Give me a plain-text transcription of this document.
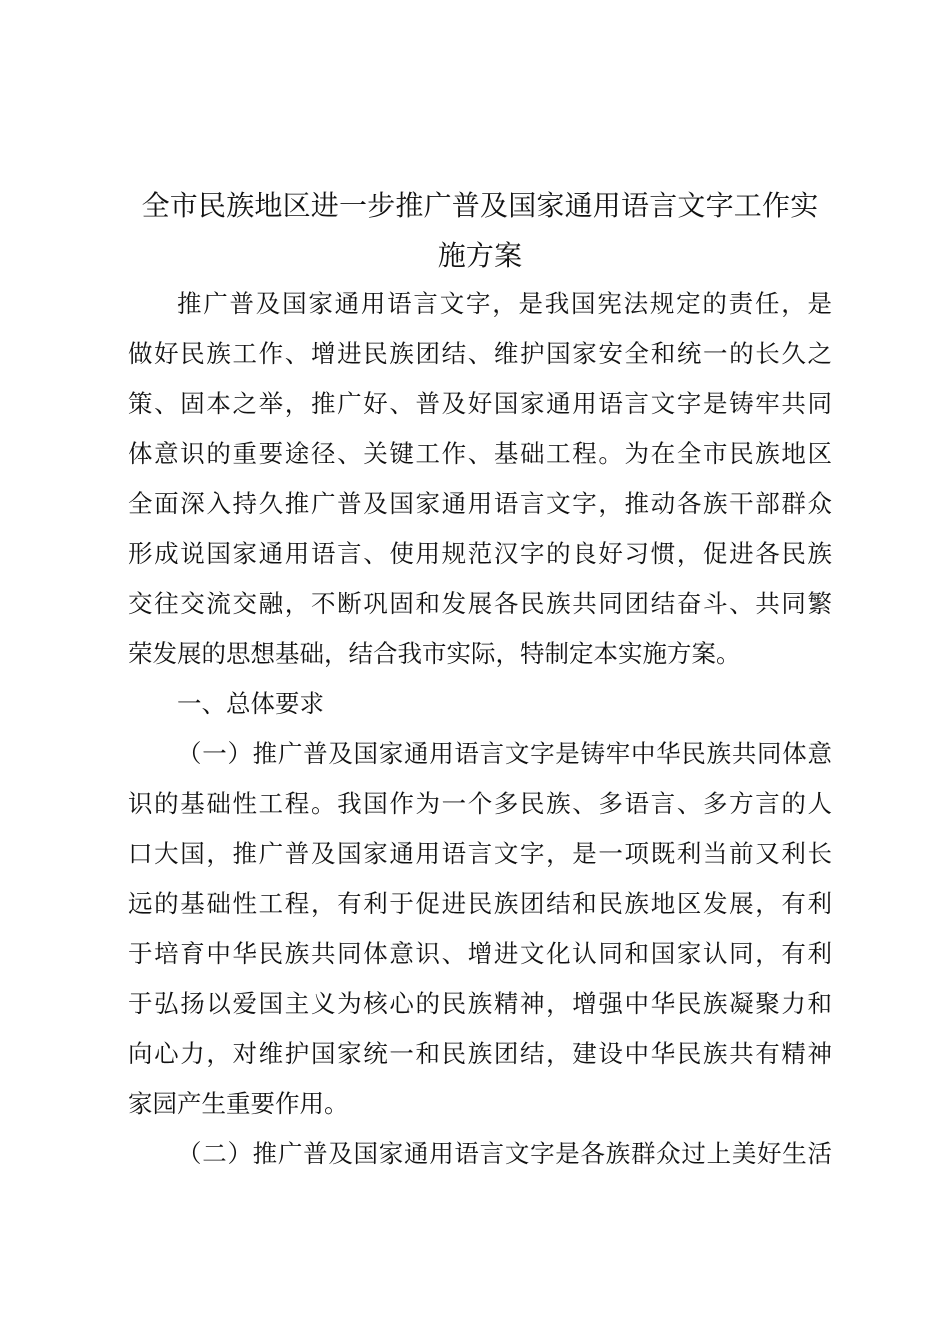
全市民族地区进一步推广普及国家通用语言文字工作实
施方案
推广普及国家通用语言文字，是我国宪法规定的责任，是
做好民族工作、增进民族团结、维护国家安全和统一的长久之
策、固本之举，推广好、普及好国家通用语言文字是铸牢共同
体意识的重要途径、关键工作、基础工程。为在全市民族地区
全面深入持久推广普及国家通用语言文字，推动各族干部群众
形成说国家通用语言、使用规范汉字的良好习惯，促进各民族
交往交流交融，不断巩固和发展各民族共同团结奋斗、共同繁
荣发展的思想基础，结合我市实际，特制定本实施方案。
一、总体要求
（一）推广普及国家通用语言文字是铸牢中华民族共同体意
识的基础性工程。我国作为一个多民族、多语言、多方言的人
口大国，推广普及国家通用语言文字，是一项既利当前又利长
远的基础性工程，有利于促进民族团结和民族地区发展，有利
于培育中华民族共同体意识、增进文化认同和国家认同，有利
于弘扬以爱国主义为核心的民族精神，增强中华民族凝聚力和
向心力，对维护国家统一和民族团结，建设中华民族共有精神
家园产生重要作用。
（二）推广普及国家通用语言文字是各族群众过上美好生活
